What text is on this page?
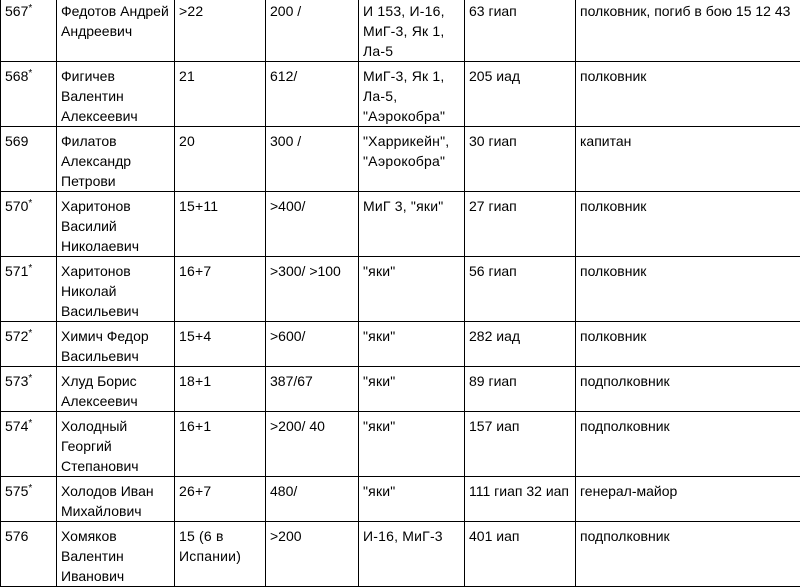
567*	Федотов Андрей
Андреевич	>22	200 /	И 153, И-16,
МиГ-3, Як 1,
Ла-5	63 гиап	полковник, погиб в бою 15 12 43

568*	Фигичев
Валентин
Алексеевич	21	612/	МиГ-3, Як 1,
Ла-5,
"Аэрокобра"	205 иад	полковник

569	Филатов
Александр
Петрови	20	300 /	"Харрикейн",
"Аэрокобра"	30 гиап	капитан

570*	Харитонов
Василий
Николаевич	15+11	>400/	МиГ 3, "яки"	27 гиап	полковник

571*	Харитонов
Николай
Васильевич	16+7	>300/ >100	"яки"	56 гиап	полковник

572*	Химич Федор
Васильевич	15+4	>600/	"яки"	282 иад	полковник

573*	Хлуд Борис
Алексеевич	18+1	387/67	"яки"	89 гиап	подполковник

574*	Холодный
Георгий
Степанович	16+1	>200/ 40	"яки"	157 иап	подполковник

575*	Холодов Иван
Михайлович	26+7	480/	"яки"	111 гиап 32 иап	генерал-майор

576	Хомяков
Валентин
Иванович	15 (6 в
Испании)	>200	И-16, МиГ-3	401 иап	подполковник
